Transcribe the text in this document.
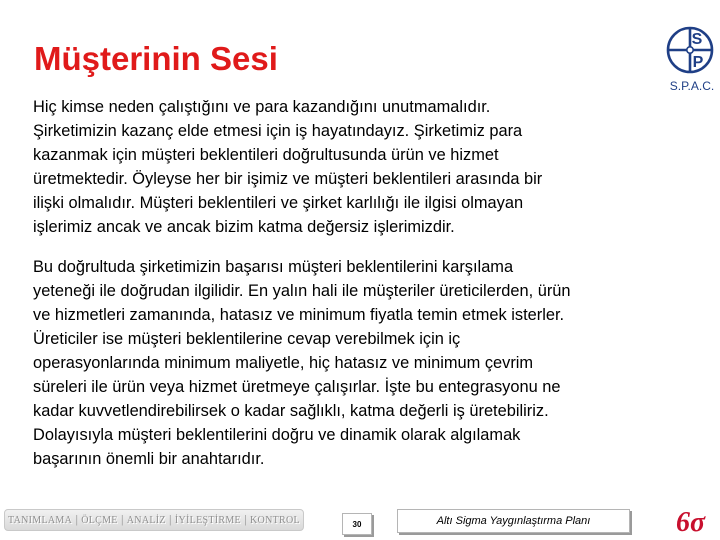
Müşterinin Sesi
S
P
S.P.A.C.
Hiç kimse neden çalıştığını ve para kazandığını unutmamalıdır.
Şirketimizin kazanç elde etmesi için iş hayatındayız. Şirketimiz para
kazanmak için müşteri beklentileri doğrultusunda ürün ve hizmet
üretmektedir. Öyleyse her bir işimiz ve müşteri beklentileri arasında bir
ilişki olmalıdır. Müşteri beklentileri ve şirket karlılığı ile ilgisi olmayan
işlerimiz ancak ve ancak bizim katma değersiz işlerimizdir.
Bu doğrultuda şirketimizin başarısı müşteri beklentilerini karşılama
yeteneği ile doğrudan ilgilidir. En yalın hali ile müşteriler üreticilerden, ürün
ve hizmetleri zamanında, hatasız ve minimum fiyatla temin etmek isterler.
Üreticiler ise müşteri beklentilerine cevap verebilmek için iç
operasyonlarında minimum maliyetle, hiç hatasız ve minimum çevrim
süreleri ile ürün veya hizmet üretmeye çalışırlar. İşte bu entegrasyonu ne
kadar kuvvetlendirebilirsek o kadar sağlıklı, katma değerli iş üretebiliriz.
Dolayısıyla müşteri beklentilerini doğru ve dinamik olarak algılamak
başarının önemli bir anahtarıdır.
TANIMLAMA | ÖLÇME | ANALİZ | İYİLEŞTİRME | KONTROL	30	Altı Sigma Yaygınlaştırma Planı	6σ
